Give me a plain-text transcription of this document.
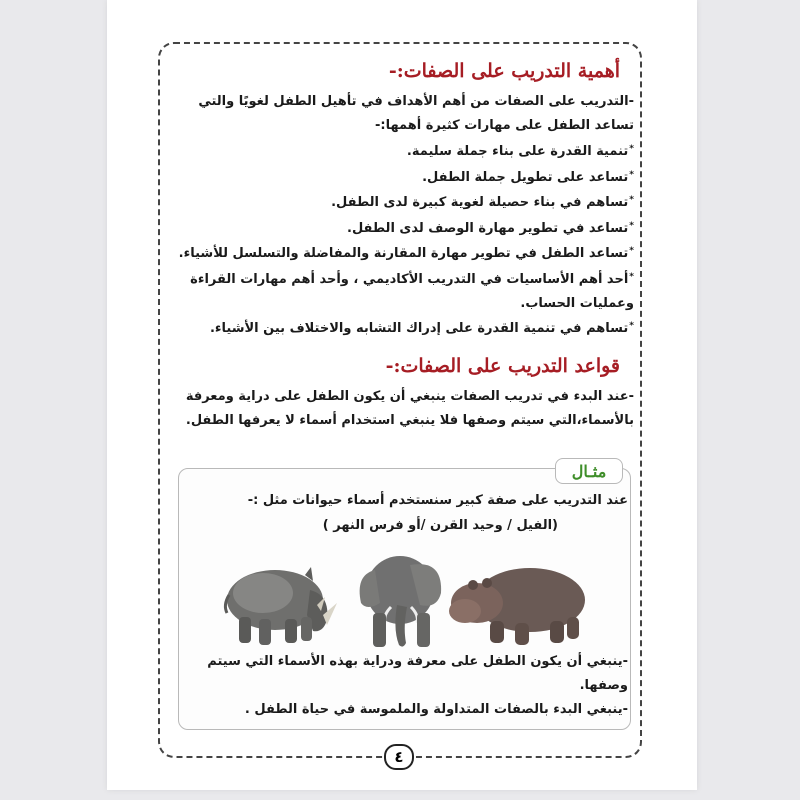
أهمية التدريب على الصفات:-

-التدريب على الصفات من أهم الأهداف في تأهيل الطفل لغويًا والتي تساعد الطفل على مهارات كثيرة أهمها:-

*تنمية القدرة على بناء جملة سليمة.

*تساعد على تطويل جملة الطفل.

*تساهم في بناء حصيلة لغوية كبيرة لدى الطفل.

*تساعد في تطوير مهارة الوصف لدى الطفل.

*تساعد الطفل في تطوير مهارة المقارنة والمفاضلة والتسلسل للأشياء.

*أحد أهم الأساسيات في التدريب الأكاديمي ، وأحد أهم مهارات القراءة وعمليات الحساب.

*تساهم في تنمية القدرة على إدراك التشابه والاختلاف بين الأشياء.

قواعد التدريب على الصفات:-

-عند البدء في تدريب الصفات ينبغي أن يكون الطفل على دراية ومعرفة بالأسماء،التي سيتم وصفها فلا ينبغي استخدام أسماء لا يعرفها الطفل.

مثـال
عند التدريب على صفة كبير سنستخدم أسماء حيوانات مثل :-
(الفيل / وحيد القرن /أو فرس النهر )
-ينبغي أن يكون الطفل على معرفة ودراية بهذه الأسماء التي سيتم وصفها.
-ينبغي البدء بالصفات المتداولة والملموسة في حياة الطفل .
٤
